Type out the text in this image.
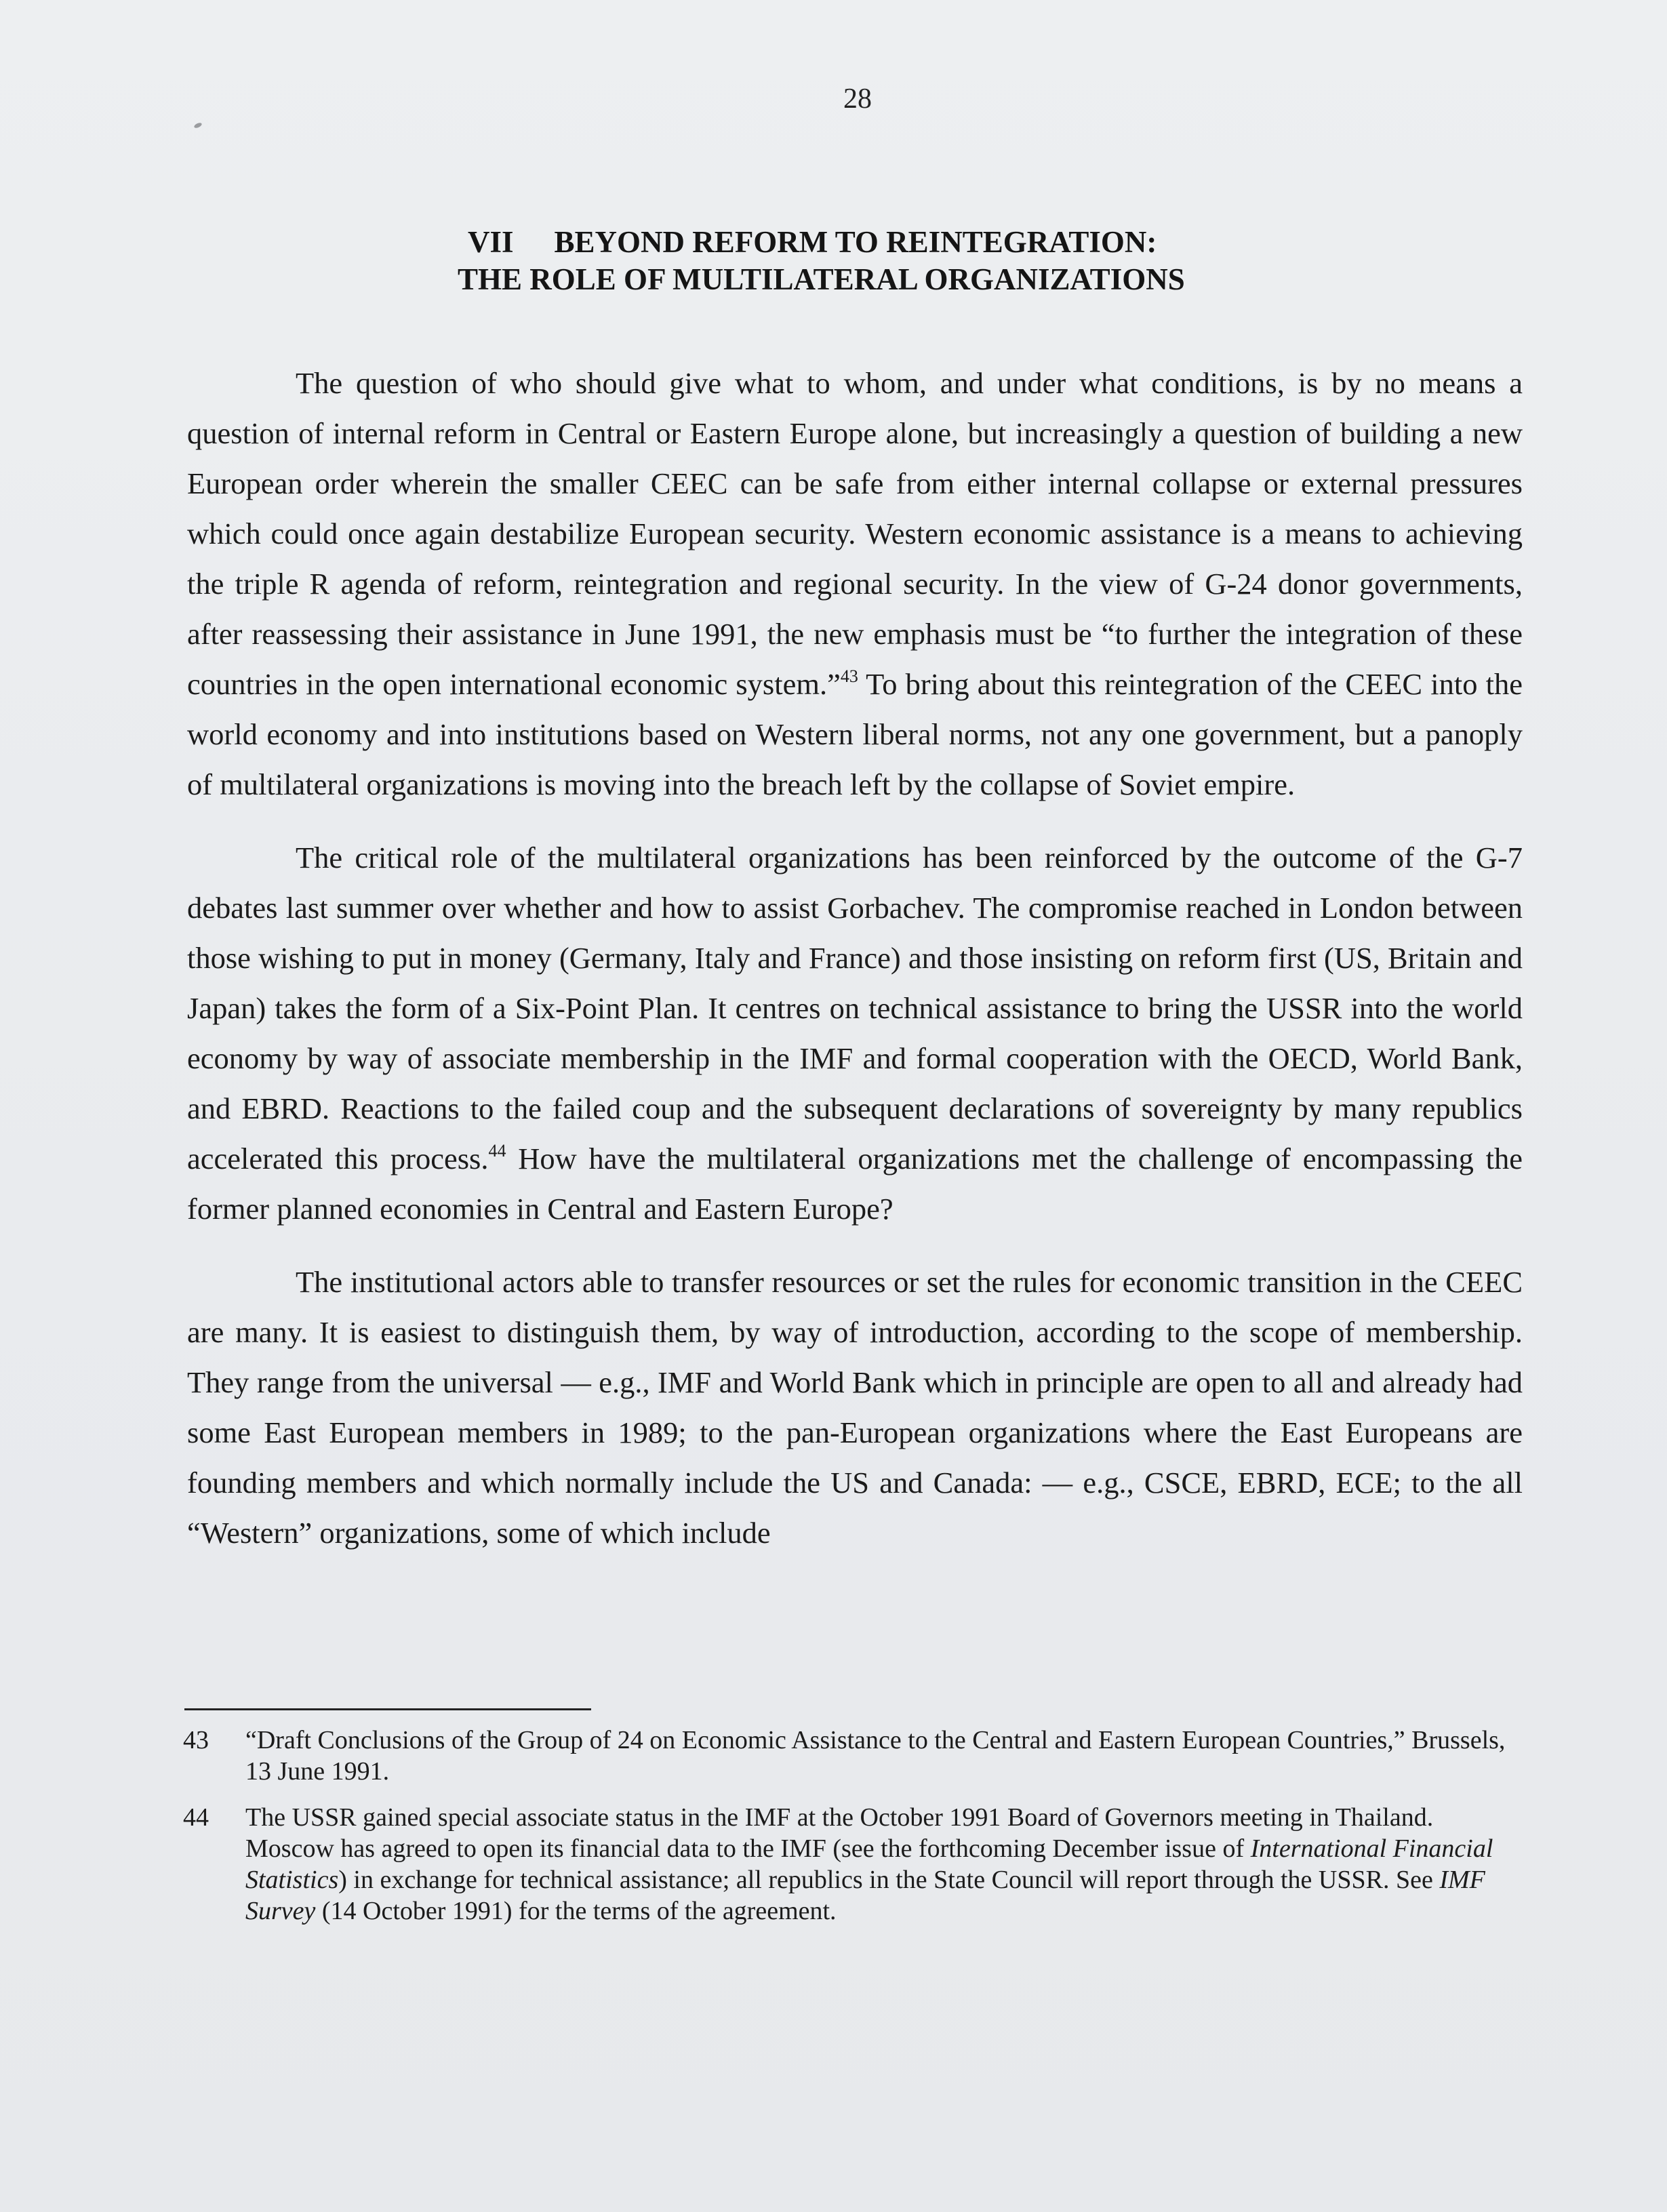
28
VII BEYOND REFORM TO REINTEGRATION:
THE ROLE OF MULTILATERAL ORGANIZATIONS

The question of who should give what to whom, and under what conditions, is by no means a question of internal reform in Central or Eastern Europe alone, but increasingly a question of building a new European order wherein the smaller CEEC can be safe from either internal collapse or external pressures which could once again destabilize European security. Western economic assistance is a means to achieving the triple R agenda of reform, reintegration and regional security. In the view of G-24 donor governments, after reassessing their assistance in June 1991, the new emphasis must be “to further the integration of these countries in the open international economic system.”$^{43}$ To bring about this reintegration of the CEEC into the world economy and into institutions based on Western liberal norms, not any one government, but a panoply of multilateral organizations is moving into the breach left by the collapse of Soviet empire.

The critical role of the multilateral organizations has been reinforced by the outcome of the G-7 debates last summer over whether and how to assist Gorbachev. The compromise reached in London between those wishing to put in money (Germany, Italy and France) and those insisting on reform first (US, Britain and Japan) takes the form of a Six-Point Plan. It centres on technical assistance to bring the USSR into the world economy by way of associate membership in the IMF and formal cooperation with the OECD, World Bank, and EBRD. Reactions to the failed coup and the subsequent declarations of sovereignty by many republics accelerated this process.$^{44}$ How have the multilateral organizations met the challenge of encompassing the former planned economies in Central and Eastern Europe?

The institutional actors able to transfer resources or set the rules for economic transition in the CEEC are many. It is easiest to distinguish them, by way of introduction, according to the scope of membership. They range from the universal — e.g., IMF and World Bank which in principle are open to all and already had some East European members in 1989; to the pan-European organizations where the East Europeans are founding members and which normally include the US and Canada: — e.g., CSCE, EBRD, ECE; to the all “Western” organizations, some of which include

43	“Draft Conclusions of the Group of 24 on Economic Assistance to the Central and Eastern European Countries,” Brussels, 13 June 1991.
44	The USSR gained special associate status in the IMF at the October 1991 Board of Governors meeting in Thailand. Moscow has agreed to open its financial data to the IMF (see the forthcoming December issue of International Financial Statistics) in exchange for technical assistance; all republics in the State Council will report through the USSR. See IMF Survey (14 October 1991) for the terms of the agreement.
